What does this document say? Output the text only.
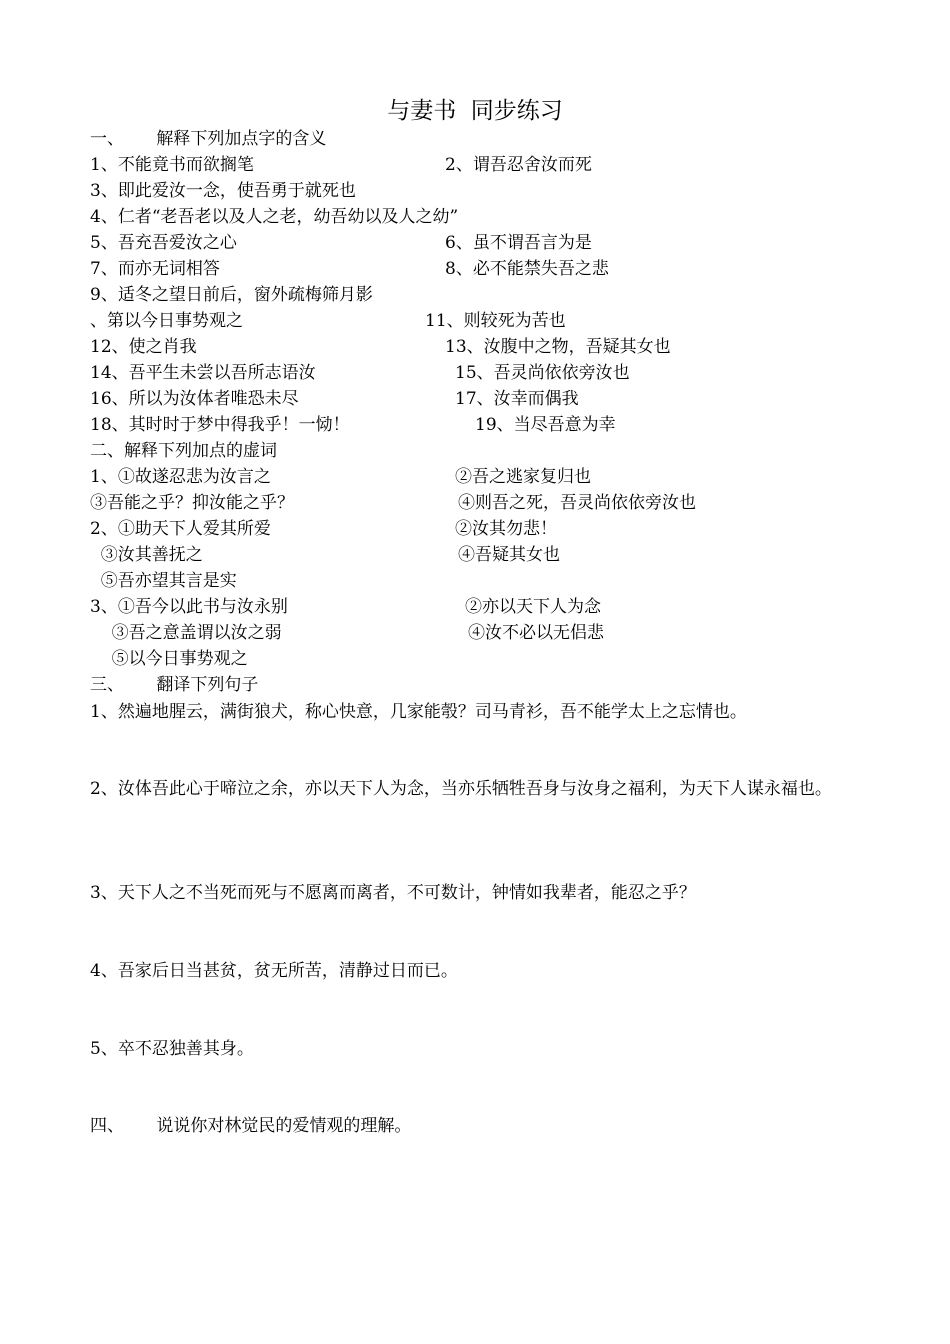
与妻书  同步练习
一、      解释下列加点字的含义
1、不能竟书而欲搁笔	2、谓吾忍舍汝而死
3、即此爱汝一念，使吾勇于就死也
4、仁者“老吾老以及人之老，幼吾幼以及人之幼”
5、吾充吾爱汝之心	6、虽不谓吾言为是
7、而亦无词相答	8、必不能禁失吾之悲
9、适冬之望日前后，窗外疏梅筛月影
、第以今日事势观之	11、则较死为苦也
12、使之肖我	13、汝腹中之物，吾疑其女也
14、吾平生未尝以吾所志语汝	15、吾灵尚依依旁汝也
16、所以为汝体者唯恐未尽	17、汝幸而偶我
18、其时时于梦中得我乎！一恸！	19、当尽吾意为幸
二、解释下列加点的虚词
1、①故遂忍悲为汝言之	②吾之逃家复归也
③吾能之乎？抑汝能之乎？	④则吾之死，吾灵尚依依旁汝也
2、①助天下人爱其所爱	②汝其勿悲！
③汝其善抚之	④吾疑其女也
⑤吾亦望其言是实
3、①吾今以此书与汝永别	②亦以天下人为念
③吾之意盖谓以汝之弱	④汝不必以无侣悲
⑤以今日事势观之
三、      翻译下列句子
1、然遍地腥云，满街狼犬，称心快意，几家能彀？司马青衫，吾不能学太上之忘情也。
2、汝体吾此心于啼泣之余，亦以天下人为念，当亦乐牺牲吾身与汝身之福利，为天下人谋永福也。
3、天下人之不当死而死与不愿离而离者，不可数计，钟情如我辈者，能忍之乎？
4、吾家后日当甚贫，贫无所苦，清静过日而已。
5、卒不忍独善其身。
四、      说说你对林觉民的爱情观的理解。
